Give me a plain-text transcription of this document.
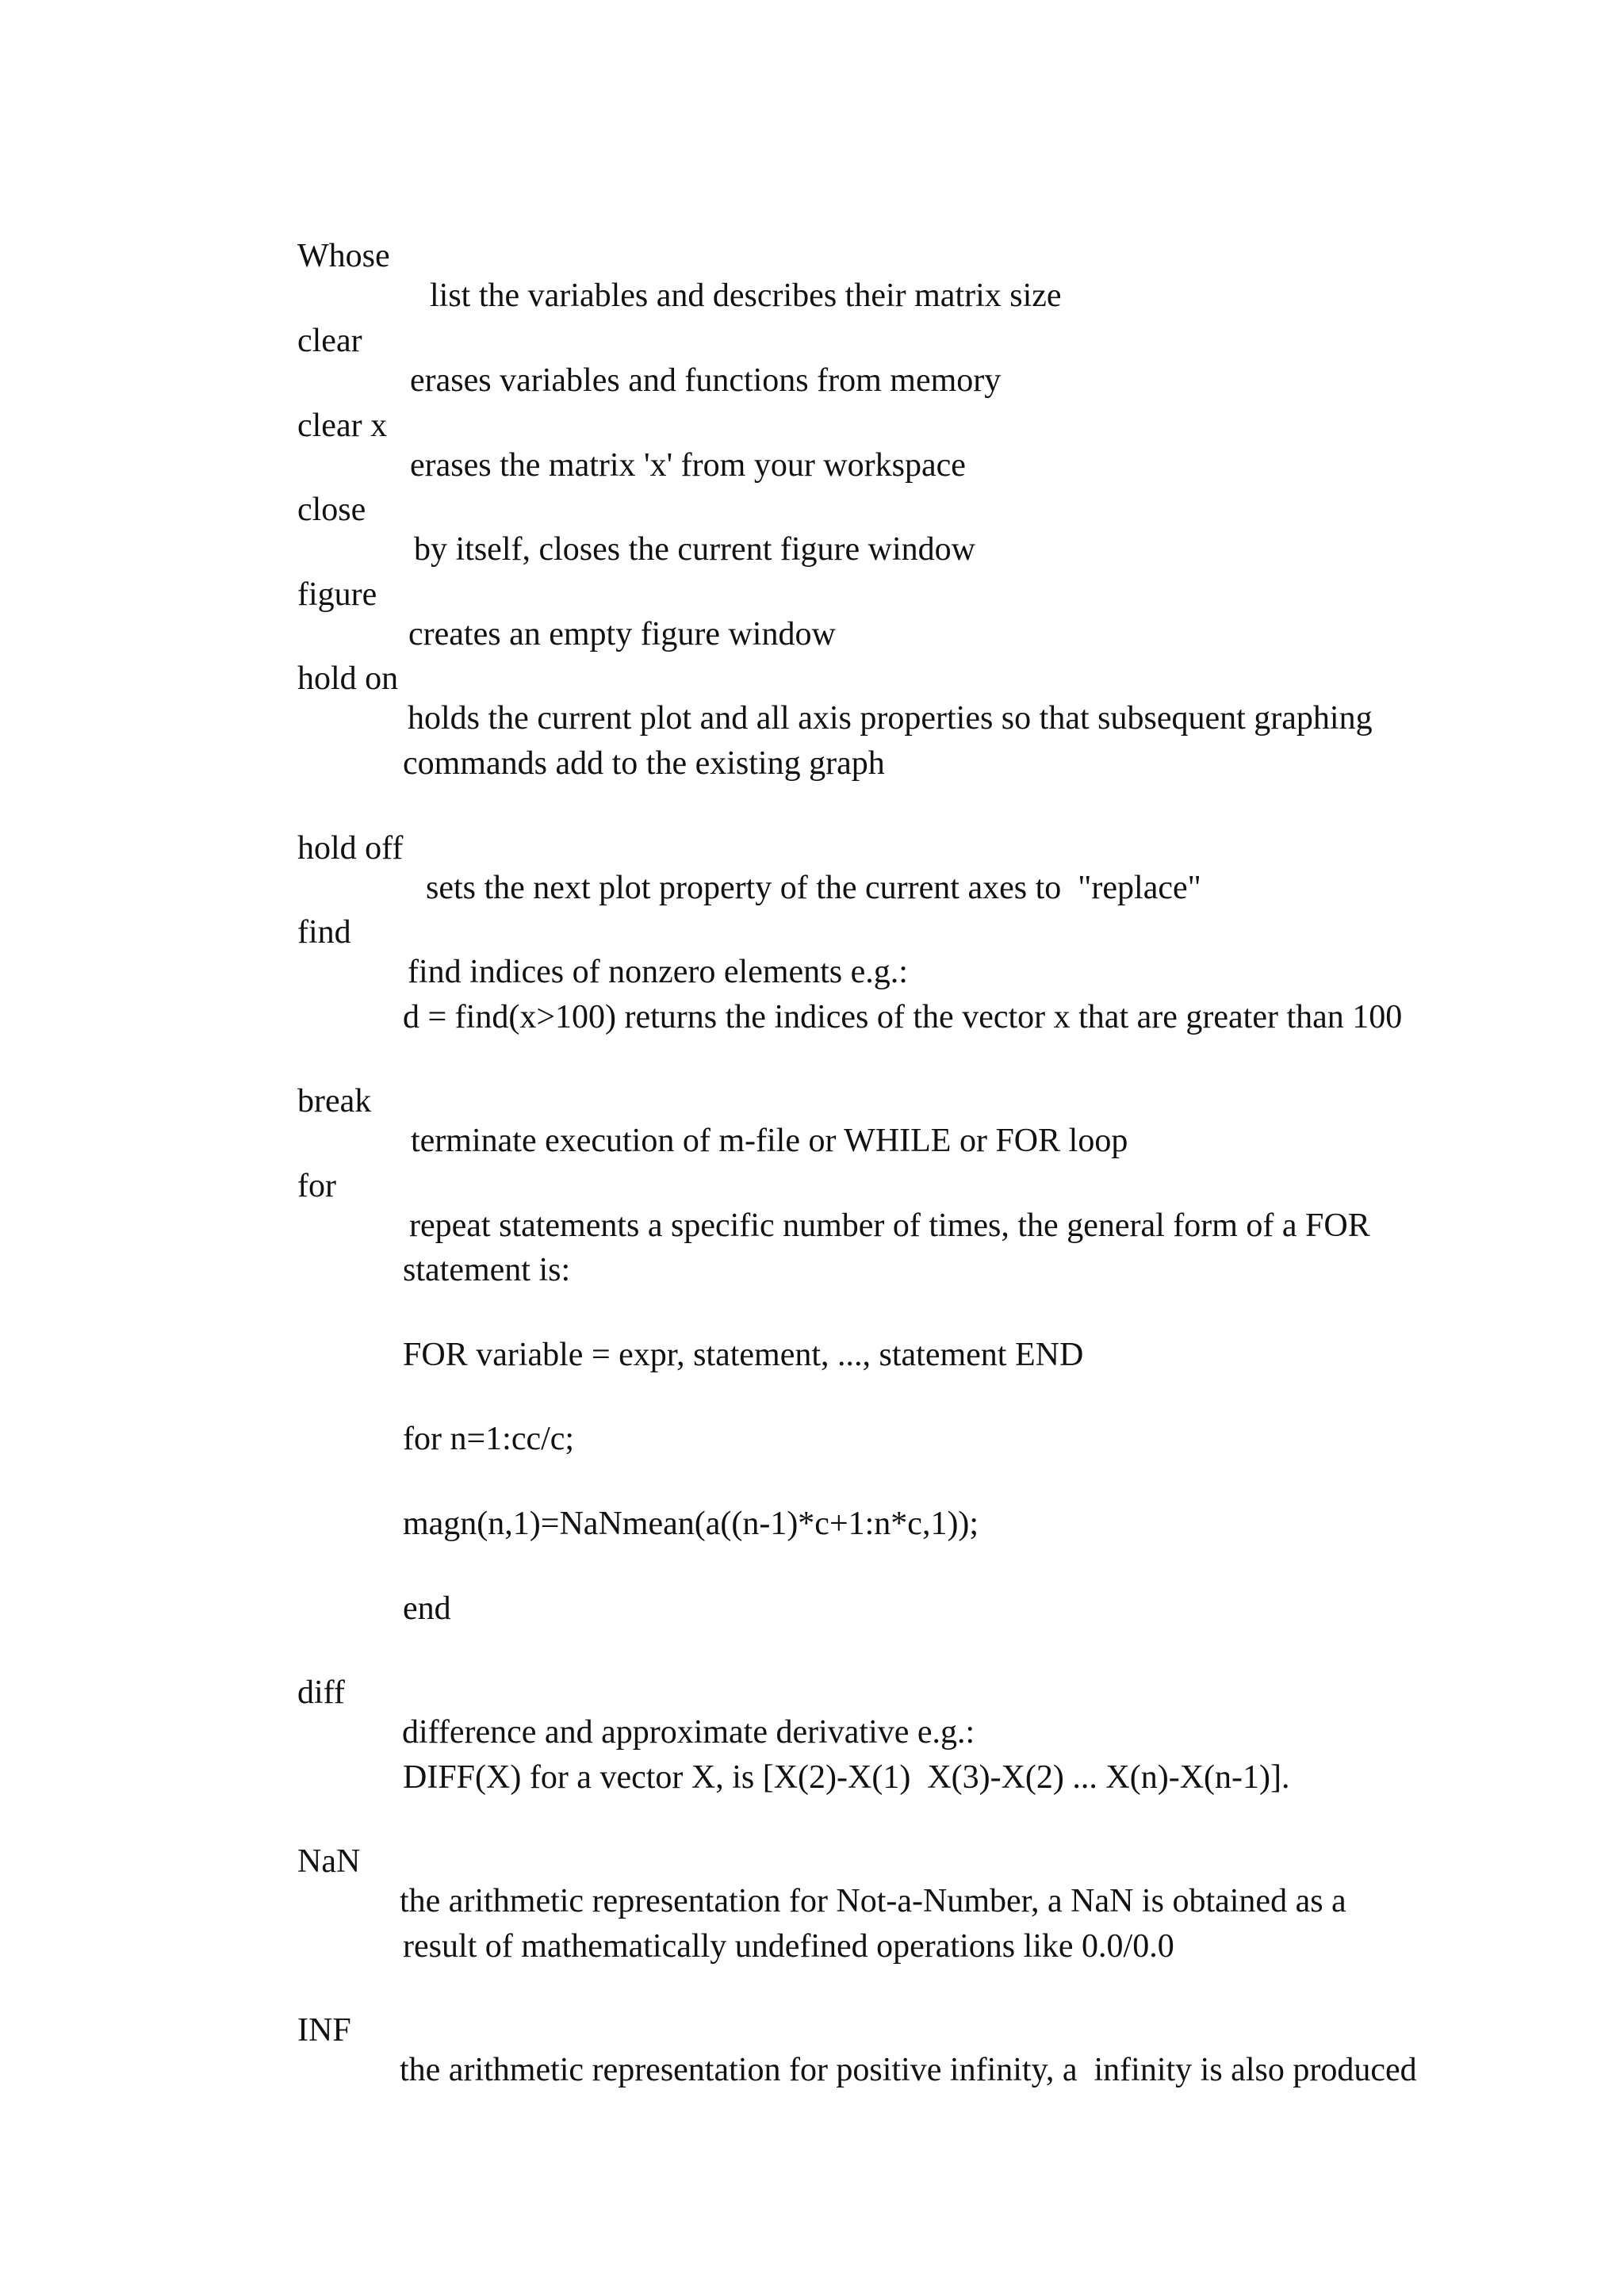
Whose

list the variables and describes their matrix size

clear

erases variables and functions from memory

clear x

erases the matrix 'x' from your workspace

close

by itself, closes the current figure window

figure

creates an empty figure window

hold on

holds the current plot and all axis properties so that subsequent graphing

commands add to the existing graph

hold off

sets the next plot property of the current axes to  "replace"

find

find indices of nonzero elements e.g.:

d = find(x>100) returns the indices of the vector x that are greater than 100

break

terminate execution of m-file or WHILE or FOR loop

for

repeat statements a specific number of times, the general form of a FOR

statement is:

FOR variable = expr, statement, ..., statement END

for n=1:cc/c;

magn(n,1)=NaNmean(a((n-1)*c+1:n*c,1));

end

diff

difference and approximate derivative e.g.:

DIFF(X) for a vector X, is [X(2)-X(1)  X(3)-X(2) ... X(n)-X(n-1)].

NaN

the arithmetic representation for Not-a-Number, a NaN is obtained as a

result of mathematically undefined operations like 0.0/0.0

INF

the arithmetic representation for positive infinity, a  infinity is also produced
